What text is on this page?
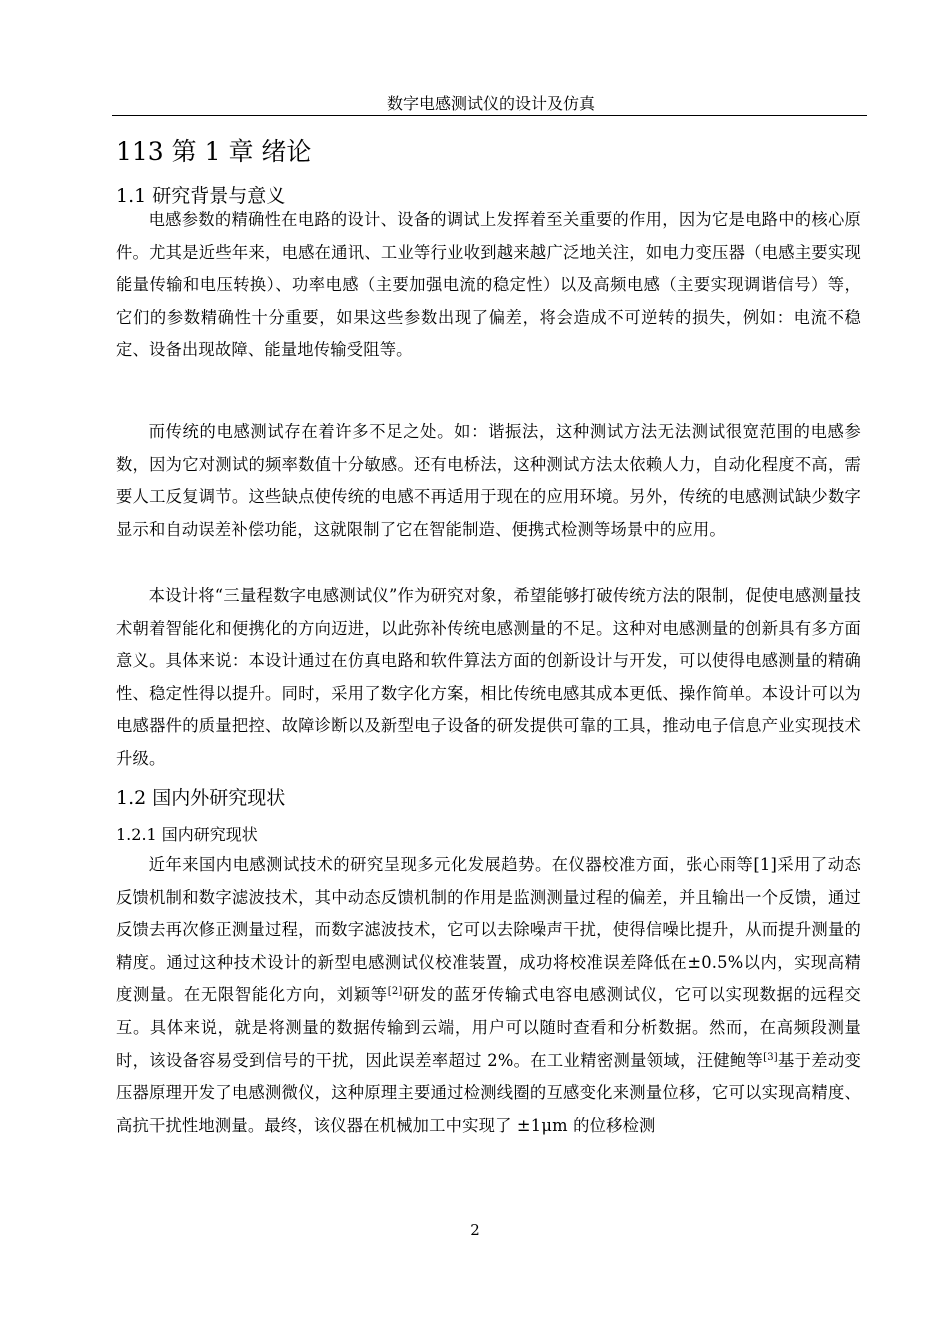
数字电感测试仪的设计及仿真
113 第 1 章 绪论
1.1 研究背景与意义

电感参数的精确性在电路的设计、设备的调试上发挥着至关重要的作用，因为它是电路中的核心原件。尤其是近些年来，电感在通讯、工业等行业收到越来越广泛地关注，如电力变压器（电感主要实现能量传输和电压转换）、功率电感（主要加强电流的稳定性）以及高频电感（主要实现调谐信号）等，它们的参数精确性十分重要，如果这些参数出现了偏差，将会造成不可逆转的损失，例如：电流不稳定、设备出现故障、能量地传输受阻等。

而传统的电感测试存在着许多不足之处。如：谐振法，这种测试方法无法测试很宽范围的电感参数，因为它对测试的频率数值十分敏感。还有电桥法，这种测试方法太依赖人力，自动化程度不高，需要人工反复调节。这些缺点使传统的电感不再适用于现在的应用环境。另外，传统的电感测试缺少数字显示和自动误差补偿功能，这就限制了它在智能制造、便携式检测等场景中的应用。

本设计将“三量程数字电感测试仪”作为研究对象，希望能够打破传统方法的限制，促使电感测量技术朝着智能化和便携化的方向迈进，以此弥补传统电感测量的不足。这种对电感测量的创新具有多方面意义。具体来说：本设计通过在仿真电路和软件算法方面的创新设计与开发，可以使得电感测量的精确性、稳定性得以提升。同时，采用了数字化方案，相比传统电感其成本更低、操作简单。本设计可以为电感器件的质量把控、故障诊断以及新型电子设备的研发提供可靠的工具，推动电子信息产业实现技术升级。

1.2 国内外研究现状
1.2.1 国内研究现状

近年来国内电感测试技术的研究呈现多元化发展趋势。在仪器校准方面，张心雨等[1]采用了动态反馈机制和数字滤波技术，其中动态反馈机制的作用是监测测量过程的偏差，并且输出一个反馈，通过反馈去再次修正测量过程，而数字滤波技术，它可以去除噪声干扰，使得信噪比提升，从而提升测量的精度。通过这种技术设计的新型电感测试仪校准装置，成功将校准误差降低在±0.5%以内，实现高精度测量。在无限智能化方向，刘颖等[2]研发的蓝牙传输式电容电感测试仪，它可以实现数据的远程交互。具体来说，就是将测量的数据传输到云端，用户可以随时查看和分析数据。然而，在高频段测量时，该设备容易受到信号的干扰，因此误差率超过 2%。在工业精密测量领域，汪健鲍等[3]基于差动变压器原理开发了电感测微仪，这种原理主要通过检测线圈的互感变化来测量位移，它可以实现高精度、高抗干扰性地测量。最终，该仪器在机械加工中实现了 ±1μm 的位移检测

2
